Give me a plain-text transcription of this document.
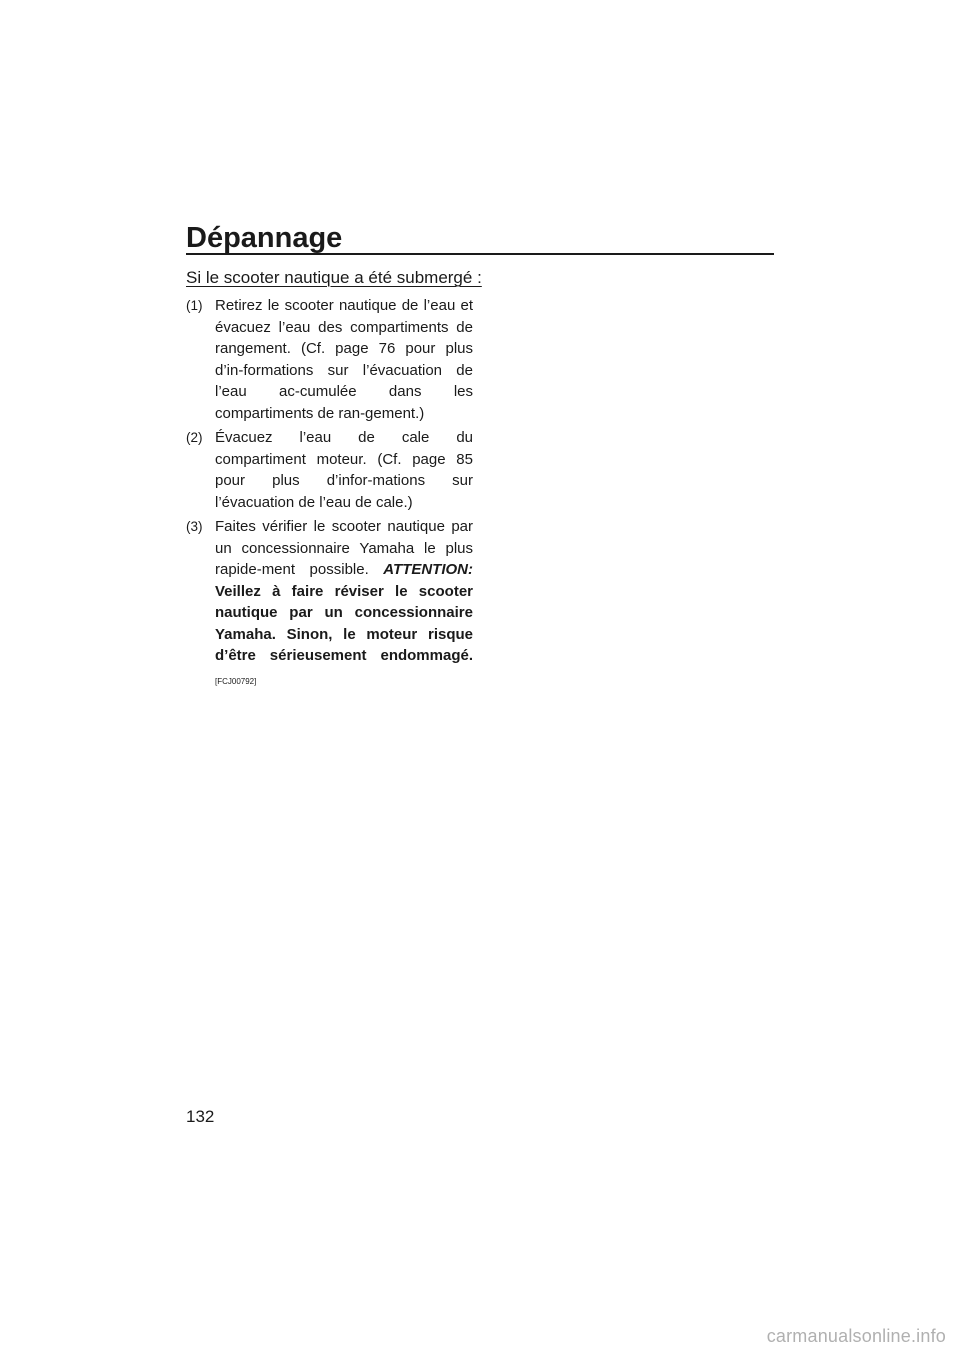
Dépannage
Si le scooter nautique a été submergé :
(1) Retirez le scooter nautique de l’eau et évacuez l’eau des compartiments de rangement. (Cf. page 76 pour plus d’in-formations sur l’évacuation de l’eau ac-cumulée dans les compartiments de ran-gement.)
(2) Évacuez l’eau de cale du compartiment moteur. (Cf. page 85 pour plus d’infor-mations sur l’évacuation de l’eau de cale.)
(3) Faites vérifier le scooter nautique par un concessionnaire Yamaha le plus rapide-ment possible. ATTENTION: Veillez à faire réviser le scooter nautique par un concessionnaire Yamaha. Sinon, le moteur risque d’être sérieusement endommagé. [FCJ00792]
132
carmanualsonline.info
